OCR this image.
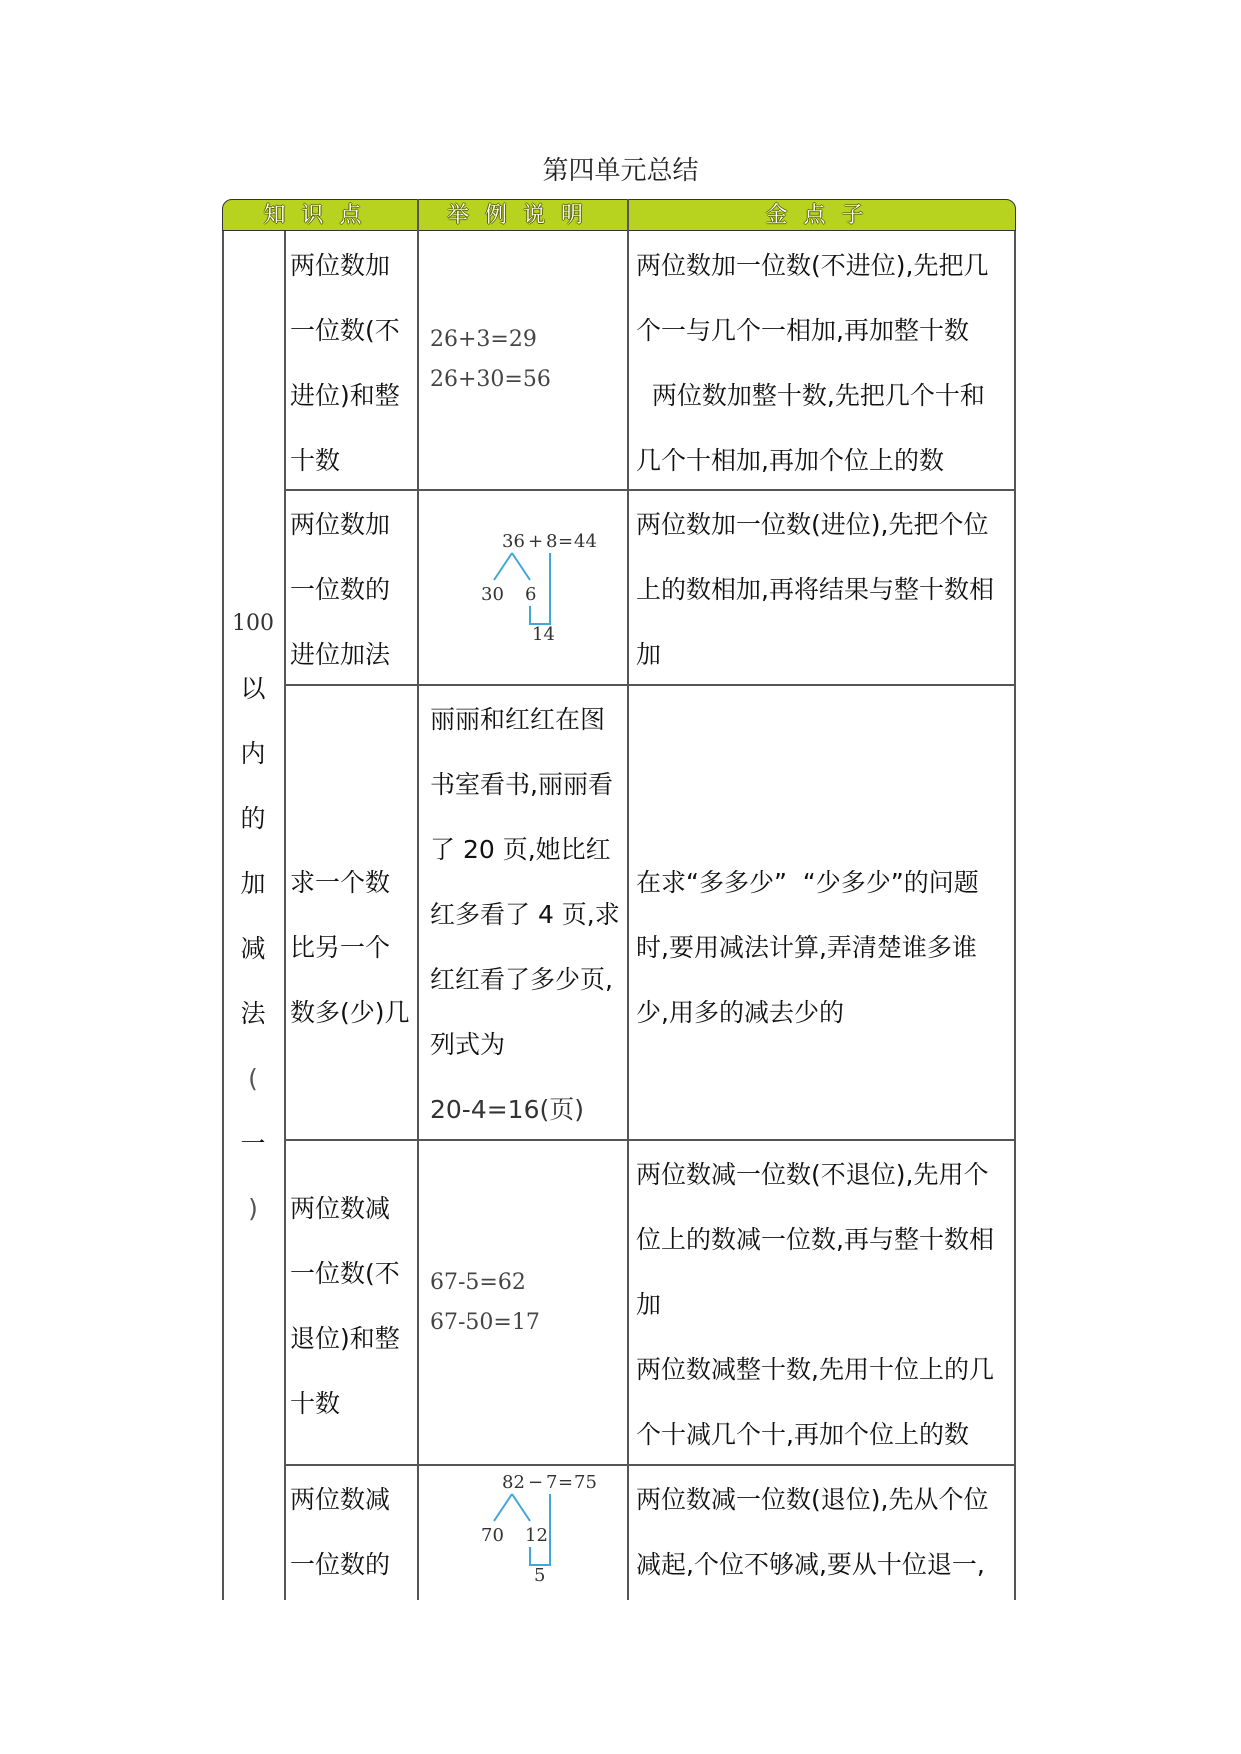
第四单元总结
知识点	举例说明	金点子
100
以
内
的
加
减
法
(
一
)
两位数加
一位数(不
进位)和整
十数
26+3=29
26+30=56
两位数加一位数(不进位),先把几
个一与几个一相加,再加整十数
两位数加整十数,先把几个十和
几个十相加,再加个位上的数
两位数加
一位数的
进位加法
36 + 8 = 44
30 6
14
两位数加一位数(进位),先把个位
上的数相加,再将结果与整十数相
加
求一个数
比另一个
数多(少)几
丽丽和红红在图
书室看书,丽丽看
了 20 页,她比红
红多看了 4 页,求
红红看了多少页,
列式为
20-4=16(页)
在求“多多少”  “少多少”的问题
时,要用减法计算,弄清楚谁多谁
少,用多的减去少的
两位数减
一位数(不
退位)和整
十数
67-5=62
67-50=17
两位数减一位数(不退位),先用个
位上的数减一位数,再与整十数相
加
两位数减整十数,先用十位上的几
个十减几个十,再加个位上的数
两位数减
一位数的
82 − 7 = 75
70 12
5
两位数减一位数(退位),先从个位
减起,个位不够减,要从十位退一,
